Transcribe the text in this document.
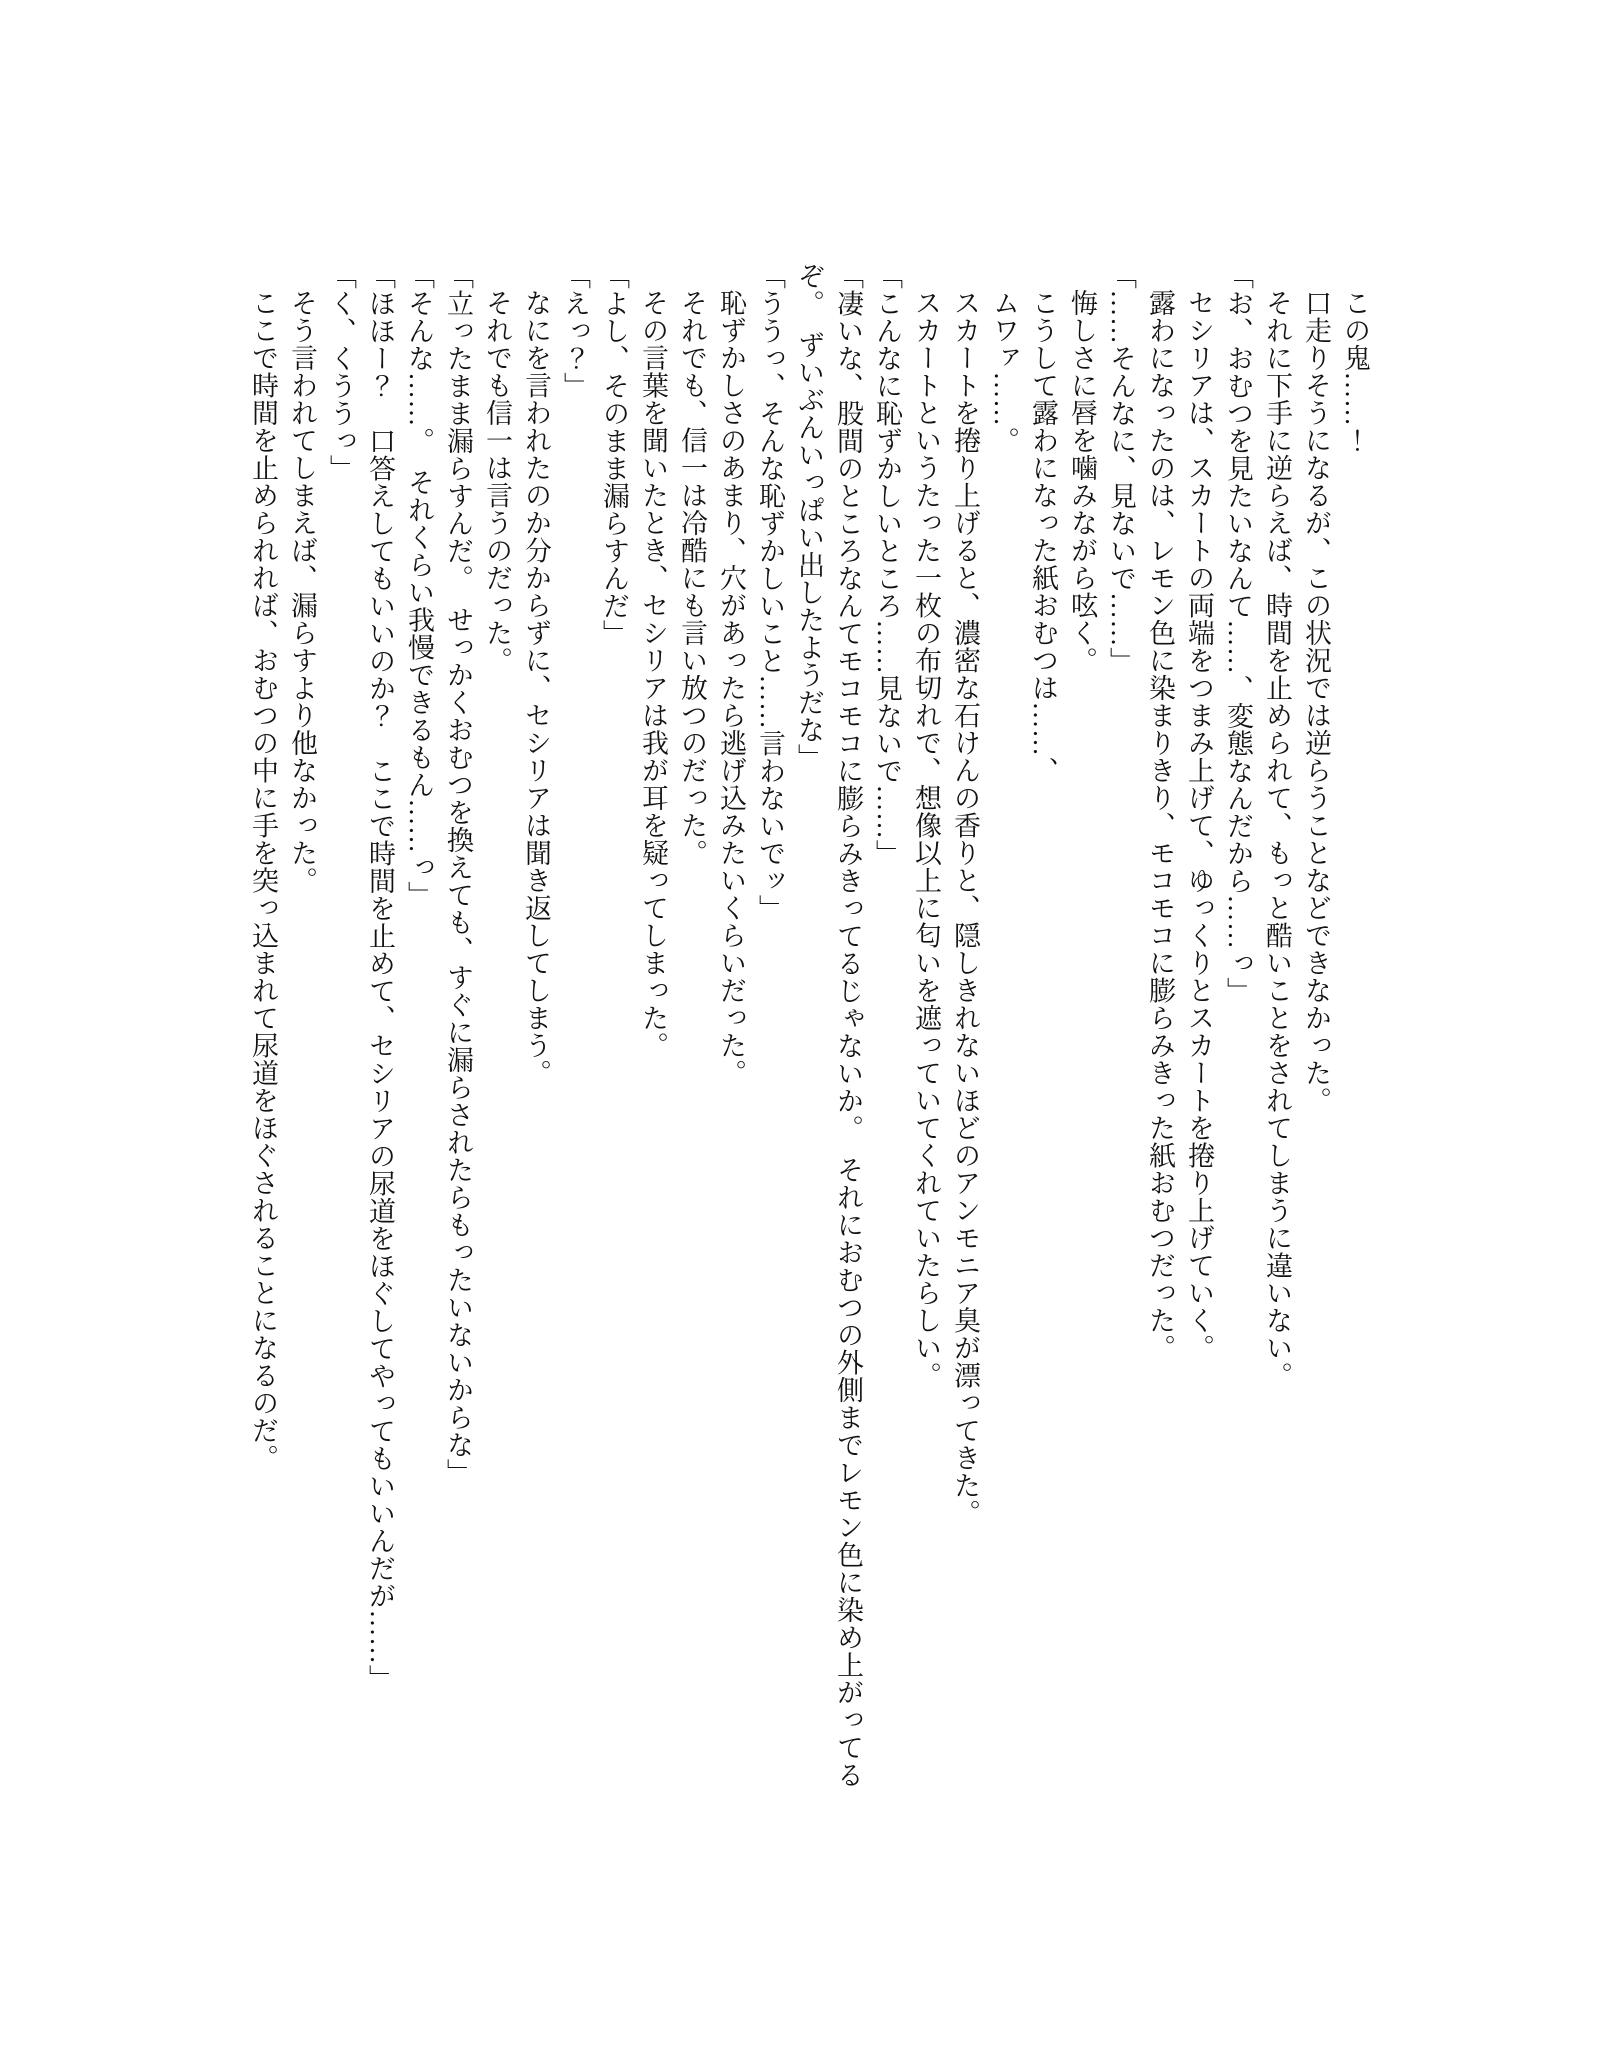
この鬼……！

口走りそうになるが、この状況では逆らうことなどできなかった。

それに下手に逆らえば、時間を止められて、もっと酷いことをされてしまうに違いない。

「お、おむつを見たいなんて……、変態なんだから……っ」

セシリアは、スカートの両端をつまみ上げて、ゆっくりとスカートを捲り上げていく。

露わになったのは、レモン色に染まりきり、モコモコに膨らみきった紙おむつだった。

「……そんなに、見ないで……」

悔しさに唇を噛みながら呟く。

こうして露わになった紙おむつは……、

ムワァ……。

スカートを捲り上げると、濃密な石けんの香りと、隠しきれないほどのアンモニア臭が漂ってきた。

スカートというたった一枚の布切れで、想像以上に匂いを遮っていてくれていたらしい。

「こんなに恥ずかしいところ……見ないで……」

「凄いな、股間のところなんてモコモコに膨らみきってるじゃないか。　それにおむつの外側までレモン色に染め上がってるぞ。　ずいぶんいっぱい出したようだな」

「ううっ、そんな恥ずかしいこと……言わないでッ」

恥ずかしさのあまり、穴があったら逃げ込みたいくらいだった。

それでも、信一は冷酷にも言い放つのだった。

その言葉を聞いたとき、セシリアは我が耳を疑ってしまった。

「よし、そのまま漏らすんだ」

「えっ？」

なにを言われたのか分からずに、セシリアは聞き返してしまう。

それでも信一は言うのだった。

「立ったまま漏らすんだ。　せっかくおむつを換えても、すぐに漏らされたらもったいないからな」

「そんな……。　それくらい我慢できるもん……っ」

「ほほー？　口答えしてもいいのか？　ここで時間を止めて、セシリアの尿道をほぐしてやってもいいんだが……」

「く、くううっ」

そう言われてしまえば、漏らすより他なかった。

ここで時間を止められれば、おむつの中に手を突っ込まれて尿道をほぐされることになるのだ。
